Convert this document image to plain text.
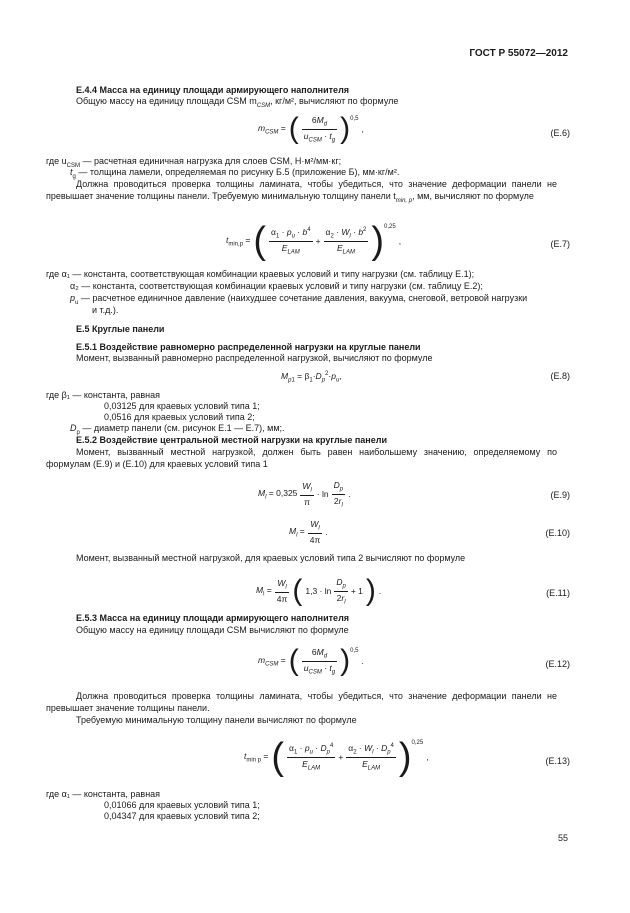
ГОСТ Р 55072—2012
Е.4.4 Масса на единицу площади армирующего наполнителя
Общую массу на единицу площади CSM $m_{CSM}$, кг/м², вычисляют по формуле
$m_{CSM}$ = ( $\frac{6M_d}{u_{CSM} \cdot t_g} )^{0,5}$
,	(Е.6)
где $u_{CSM}$ — расчетная единичная нагрузка для слоев CSM, Н·м²/мм·кг;
$t_g$ — толщина ламели, определяемая по рисунку Б.5 (приложение Б), мм·кг/м².
Должна проводиться проверка толщины ламината, чтобы убедиться, что значение деформации панели не превышает значение толщины панели. Требуемую минимальную толщину панели $t_{min, p}$, мм, вычисляют по формуле
$t_{min,p}$ = ( $\frac{\alpha_1 \cdot p_u \cdot b^4}{E_{LAM}} + \frac{\alpha_2 \cdot W_l \cdot b^2}{E_{LAM}} )^{0,25}$
,	(Е.7)
где α₁ — константа, соответствующая комбинации краевых условий и типу нагрузки (см. таблицу Е.1);
α₂ — константа, соответствующая комбинации краевых условий и типу нагрузки (см. таблицу Е.2);
$p_u$ — расчетное единичное давление (наихудшее сочетание давления, вакуума, снеговой, ветровой нагрузки
и т.д.).
Е.5 Круглые панели
Е.5.1 Воздействие равномерно распределенной нагрузки на круглые панели
Момент, вызванный равномерно распределенной нагрузкой, вычисляют по формуле
$M_{p1} = \beta_1\cdot D_p^2\cdot p_u$,	(Е.8)
где β₁ — константа, равная
0,03125 для краевых условий типа 1;
0,0516 для краевых условий типа 2;
$D_p$ — диаметр панели (см. рисунок Е.1 — Е.7), мм;.
Е.5.2 Воздействие центральной местной нагрузки на круглые панели
Момент, вызванный местной нагрузкой, должен быть равен наибольшему значению, определяемому по формулам (Е.9) и (Е.10) для краевых условий типа 1
$M_l = 0,325 \frac{W_l}{\pi} \cdot \ln \frac{D_p}{2r_l}$ .	(Е.9)
$M_l = \frac{W_l}{4\pi}$ .	(Е.10)
Момент, вызванный местной нагрузкой, для краевых условий типа 2 вычисляют по формуле
$M_l = \frac{W_l}{4\pi}$ ( $1,3 \cdot \ln \frac{D_p}{2r_l} + 1$ ) .	(Е.11)
Е.5.3 Масса на единицу площади армирующего наполнителя
Общую массу на единицу площади CSM вычисляют по формуле
$m_{CSM}$ = ( $\frac{6M_d}{u_{CSM} \cdot t_g} )^{0,5}$
.	(Е.12)
Должна проводиться проверка толщины ламината, чтобы убедиться, что значение деформации панели не превышает значение толщины панели.
Требуемую минимальную толщину панели вычисляют по формуле
$t_{min p}$ = ( $\frac{\alpha_1 \cdot p_u \cdot D_p^4}{E_{LAM}} + \frac{\alpha_2 \cdot W_l \cdot D_p^4}{E_{LAM}} )^{0,25}$
,	(Е.13)
где α₁ — константа, равная
0,01066 для краевых условий типа 1;
0,04347 для краевых условий типа 2;
55
